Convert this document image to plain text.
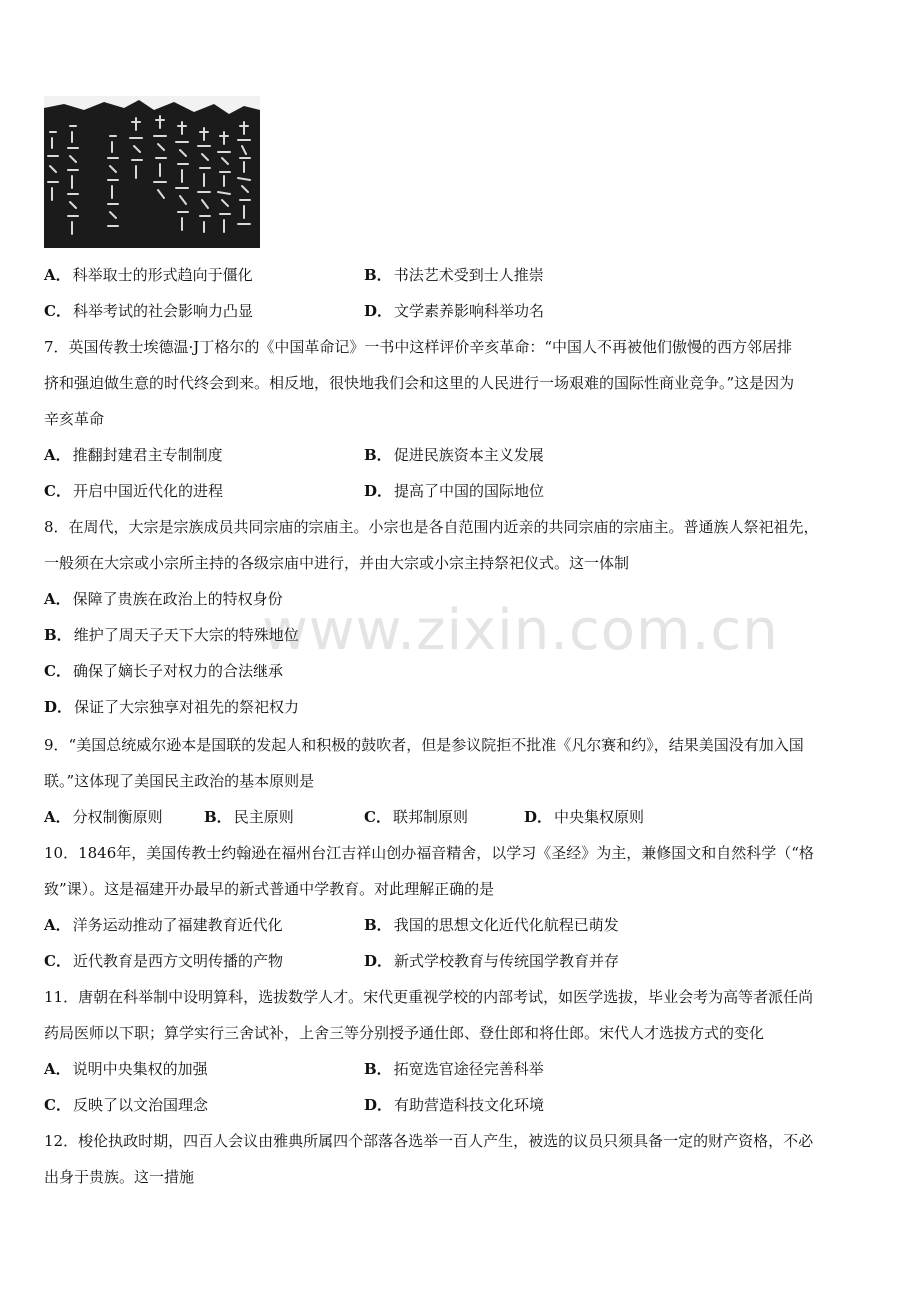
www.zixin.com.cn
A． 科举取士的形式趋向于僵化	B． 书法艺术受到士人推崇
C． 科举考试的社会影响力凸显	D． 文学素养影响科举功名
7．英国传教士埃德温·J丁格尔的《中国革命记》一书中这样评价辛亥革命：“中国人不再被他们傲慢的西方邻居排
挤和强迫做生意的时代终会到来。相反地，很快地我们会和这里的人民进行一场艰难的国际性商业竞争。”这是因为
辛亥革命
A． 推翻封建君主专制制度	B． 促进民族资本主义发展
C． 开启中国近代化的进程	D． 提高了中国的国际地位
8．在周代，大宗是宗族成员共同宗庙的宗庙主。小宗也是各自范围内近亲的共同宗庙的宗庙主。普通族人祭祀祖先，
一般须在大宗或小宗所主持的各级宗庙中进行，并由大宗或小宗主持祭祀仪式。这一体制
A． 保障了贵族在政治上的特权身份
B． 维护了周天子天下大宗的特殊地位
C． 确保了嫡长子对权力的合法继承
D． 保证了大宗独享对祖先的祭祀权力
9．“美国总统威尔逊本是国联的发起人和积极的鼓吹者，但是参议院拒不批准《凡尔赛和约》，结果美国没有加入国
联。”这体现了美国民主政治的基本原则是
A． 分权制衡原则	B． 民主原则	C． 联邦制原则	D． 中央集权原则
10．1846年，美国传教士约翰逊在福州台江吉祥山创办福音精舍，以学习《圣经》为主，兼修国文和自然科学（“格
致”课）。这是福建开办最早的新式普通中学教育。对此理解正确的是
A． 洋务运动推动了福建教育近代化	B． 我国的思想文化近代化航程已萌发
C． 近代教育是西方文明传播的产物	D． 新式学校教育与传统国学教育并存
11．唐朝在科举制中设明算科，选拔数学人才。宋代更重视学校的内部考试，如医学选拔，毕业会考为高等者派任尚
药局医师以下职；算学实行三舍试补，上舍三等分别授予通仕郎、登仕郎和将仕郎。宋代人才选拔方式的变化
A． 说明中央集权的加强	B． 拓宽选官途径完善科举
C． 反映了以文治国理念	D． 有助营造科技文化环境
12．梭伦执政时期，四百人会议由雅典所属四个部落各选举一百人产生，被选的议员只须具备一定的财产资格，不必
出身于贵族。这一措施
